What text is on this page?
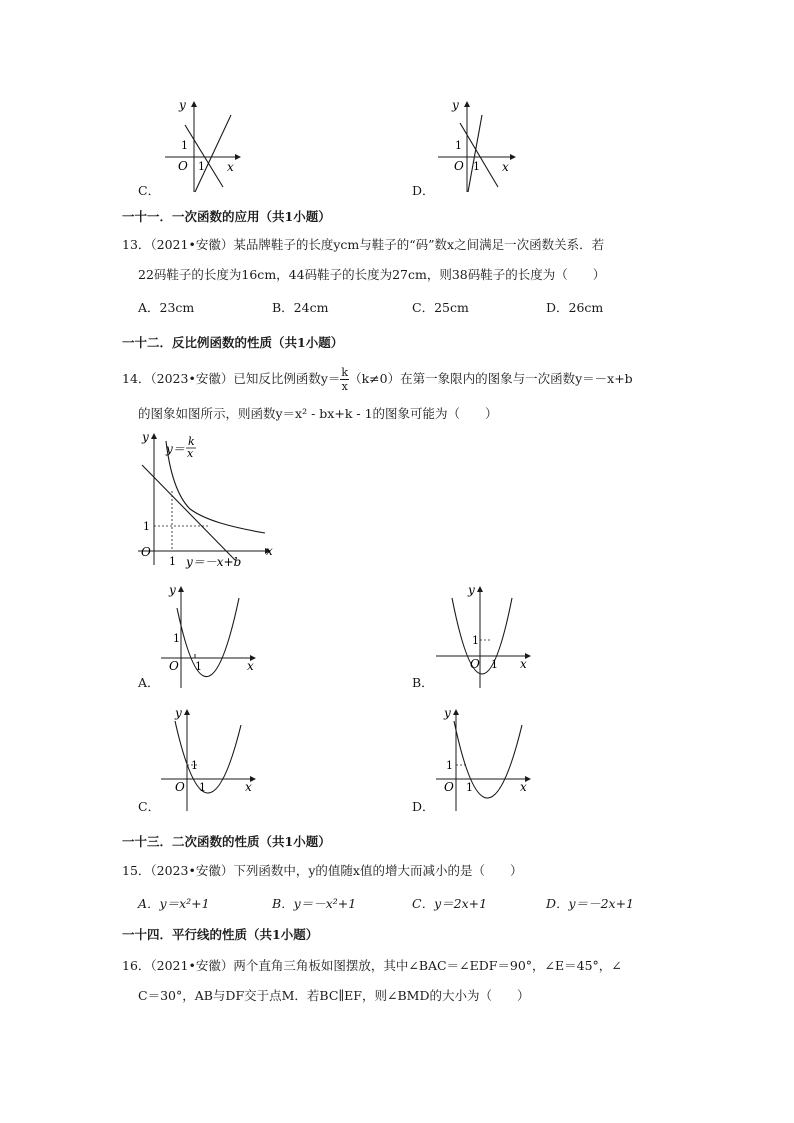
y
x
O
1
1
C．
y
x
O
1
1
D．
一十一．一次函数的应用（共1小题）
13．（2021•安徽）某品牌鞋子的长度ycm与鞋子的“码”数x之间满足一次函数关系．若
22码鞋子的长度为16cm，44码鞋子的长度为27cm，则38码鞋子的长度为（　　）
A．23cm	B．24cm	C．25cm	D．26cm
一十二．反比例函数的性质（共1小题）
14．（2023•安徽）已知反比例函数$y= \frac{k}{x} (k\ne 0)$在第一象限内的图象与一次函数y＝－x+b
的图象如图所示，则函数y＝x² - bx+k - 1的图象可能为（　　）
y
x
O
1
1
y＝
k
x
y＝－x+b
y
x
O
1
1
A．
y
x
O
1
1
B．
y
x
O
1
1
C．
y
x
O
1
1
D．
一十三．二次函数的性质（共1小题）
15．（2023•安徽）下列函数中，y的值随x值的增大而减小的是（　　）
A．y＝x²+1	B．y＝－x²+1	C．y＝2x+1	D．y＝－2x+1
一十四．平行线的性质（共1小题）
16．（2021•安徽）两个直角三角板如图摆放，其中∠BAC＝∠EDF＝90°，∠E＝45°，∠
C＝30°，AB与DF交于点M．若BC∥EF，则∠BMD的大小为（　　）
